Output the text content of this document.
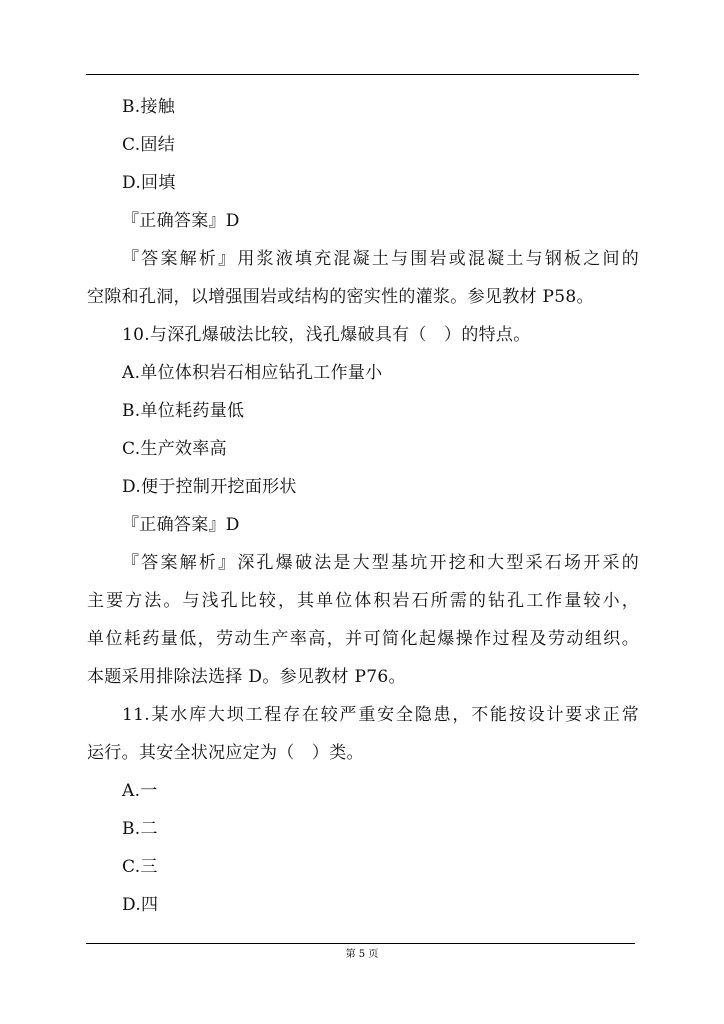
B.接触
C.固结
D.回填
『正确答案』D
『答案解析』用浆液填充混凝土与围岩或混凝土与钢板之间的
空隙和孔洞，以增强围岩或结构的密实性的灌浆。参见教材 P58。
10.与深孔爆破法比较，浅孔爆破具有（　）的特点。
A.单位体积岩石相应钻孔工作量小
B.单位耗药量低
C.生产效率高
D.便于控制开挖面形状
『正确答案』D
『答案解析』深孔爆破法是大型基坑开挖和大型采石场开采的
主要方法。与浅孔比较，其单位体积岩石所需的钻孔工作量较小，
单位耗药量低，劳动生产率高，并可简化起爆操作过程及劳动组织。
本题采用排除法选择 D。参见教材 P76。
11.某水库大坝工程存在较严重安全隐患，不能按设计要求正常
运行。其安全状况应定为（　）类。
A.一
B.二
C.三
D.四
第 5 页
